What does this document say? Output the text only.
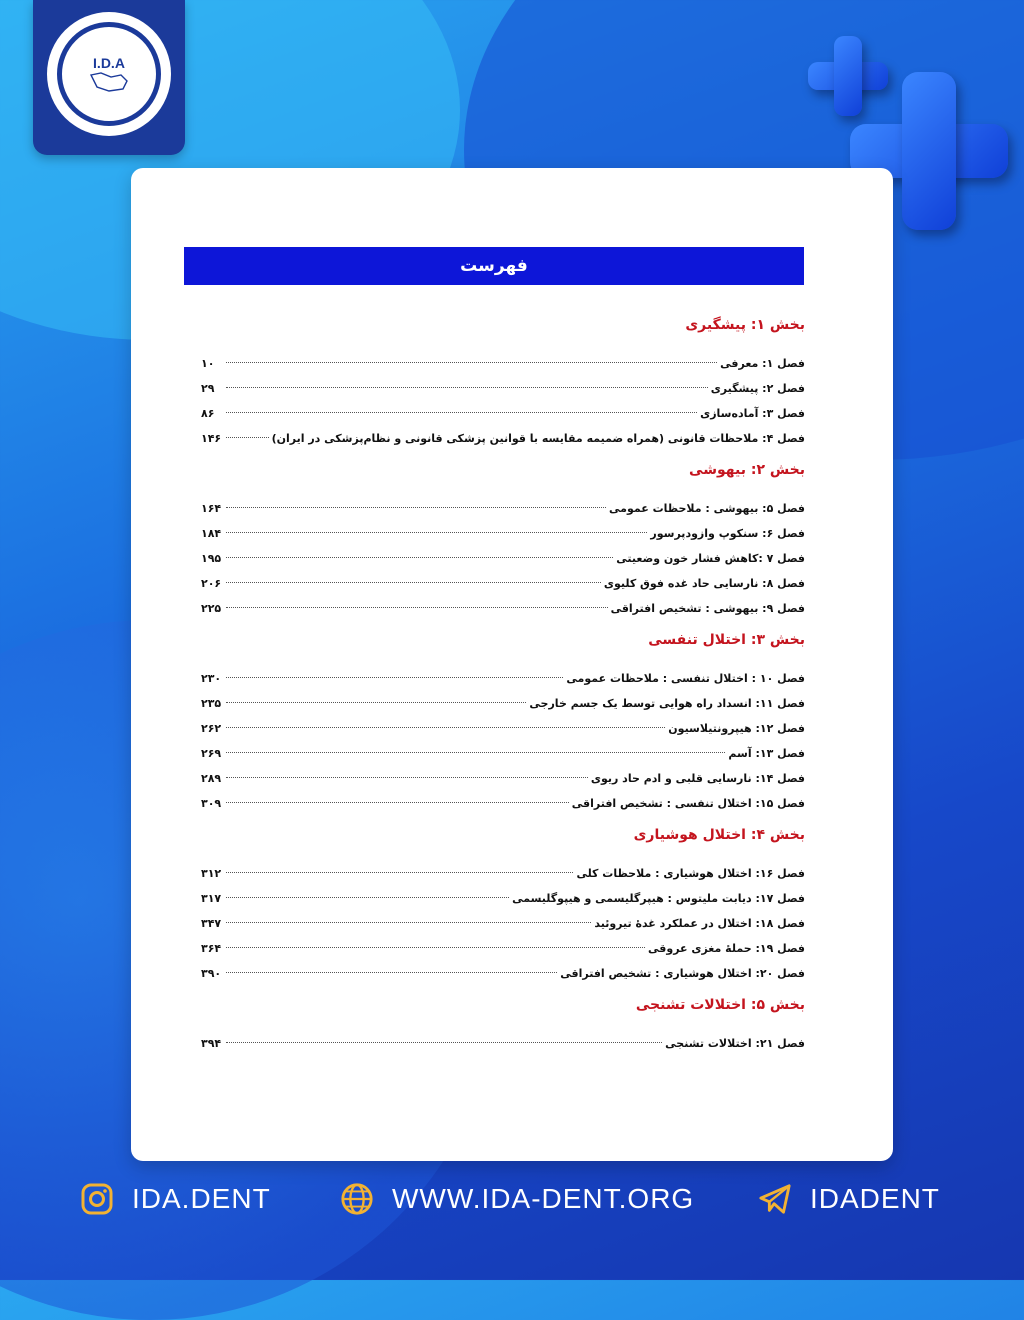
I.D.A
فهرست
بخش ۱: پیشگیری
فصل ۱: معرفی
۱۰
فصل ۲: پیشگیری
۲۹
فصل ۳: آماده‌سازی
۸۶
فصل ۴: ملاحظات قانونی (همراه ضمیمه مقایسه با قوانین پزشکی قانونی و نظام‌پزشکی در ایران)
۱۴۶
بخش ۲: بیهوشی
فصل ۵: بیهوشی : ملاحظات عمومی
۱۶۴
فصل ۶: سنکوپ وازودپرسور
۱۸۴
فصل ۷ :کاهش فشار خون وضعیتی
۱۹۵
فصل ۸: نارسایی حاد غده فوق کلیوی
۲۰۶
فصل ۹: بیهوشی : تشخیص افتراقی
۲۲۵
بخش ۳: اختلال تنفسی
فصل ۱۰ : اختلال تنفسی : ملاحظات عمومی
۲۳۰
فصل ۱۱: انسداد راه هوایی توسط یک جسم خارجی
۲۳۵
فصل ۱۲: هیپرونتیلاسیون
۲۶۲
فصل ۱۳: آسم
۲۶۹
فصل ۱۴: نارسایی قلبی و ادم حاد ریوی
۲۸۹
فصل ۱۵: اختلال تنفسی : تشخیص افتراقی
۳۰۹
بخش ۴: اختلال هوشیاری
فصل ۱۶: اختلال هوشیاری : ملاحظات کلی
۳۱۲
فصل ۱۷: دیابت ملیتوس : هیپرگلیسمی و هیپوگلیسمی
۳۱۷
فصل ۱۸: اختلال در عملکرد غدهٔ تیروئید
۳۴۷
فصل ۱۹: حملهٔ مغزی عروقی
۳۶۴
فصل ۲۰: اختلال هوشیاری : تشخیص افتراقی
۳۹۰
بخش ۵: اختلالات تشنجی
فصل ۲۱: اختلالات تشنجی
۳۹۴
IDA.DENT	WWW.IDA-DENT.ORG	IDADENT
